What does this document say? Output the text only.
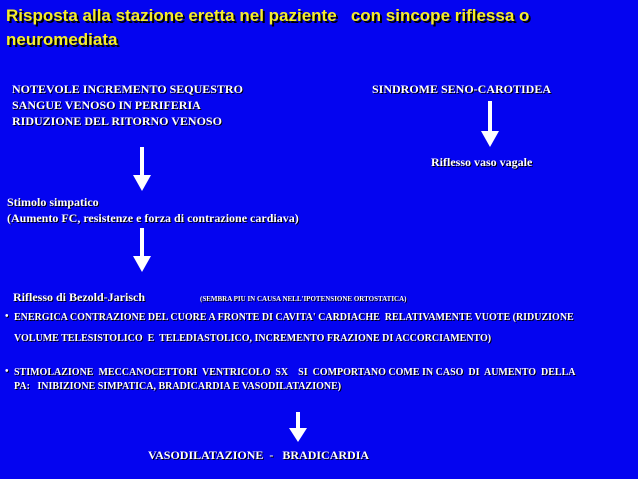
Risposta alla stazione eretta nel paziente   con sincope riflessa o
neuromediata
NOTEVOLE INCREMENTO SEQUESTRO
SANGUE VENOSO IN PERIFERIA
RIDUZIONE DEL RITORNO VENOSO
SINDROME SENO-CAROTIDEA
Riflesso vaso vagale
Stimolo simpatico
(Aumento FC, resistenze e forza di contrazione cardiava)
Riflesso di Bezold-Jarisch	(SEMBRA PIU IN CAUSA NELL'IPOTENSIONE ORTOSTATICA)
• ENERGICA CONTRAZIONE DEL CUORE A FRONTE DI CAVITA' CARDIACHE  RELATIVAMENTE VUOTE (RIDUZIONE
VOLUME TELESISTOLICO  E  TELEDIASTOLICO, INCREMENTO FRAZIONE DI ACCORCIAMENTO)
• STIMOLAZIONE  MECCANOCETTORI  VENTRICOLO  SX    SI  COMPORTANO COME IN CASO  DI  AUMENTO  DELLA
PA:   INIBIZIONE SIMPATICA, BRADICARDIA E VASODILATAZIONE)
VASODILATAZIONE  -   BRADICARDIA
